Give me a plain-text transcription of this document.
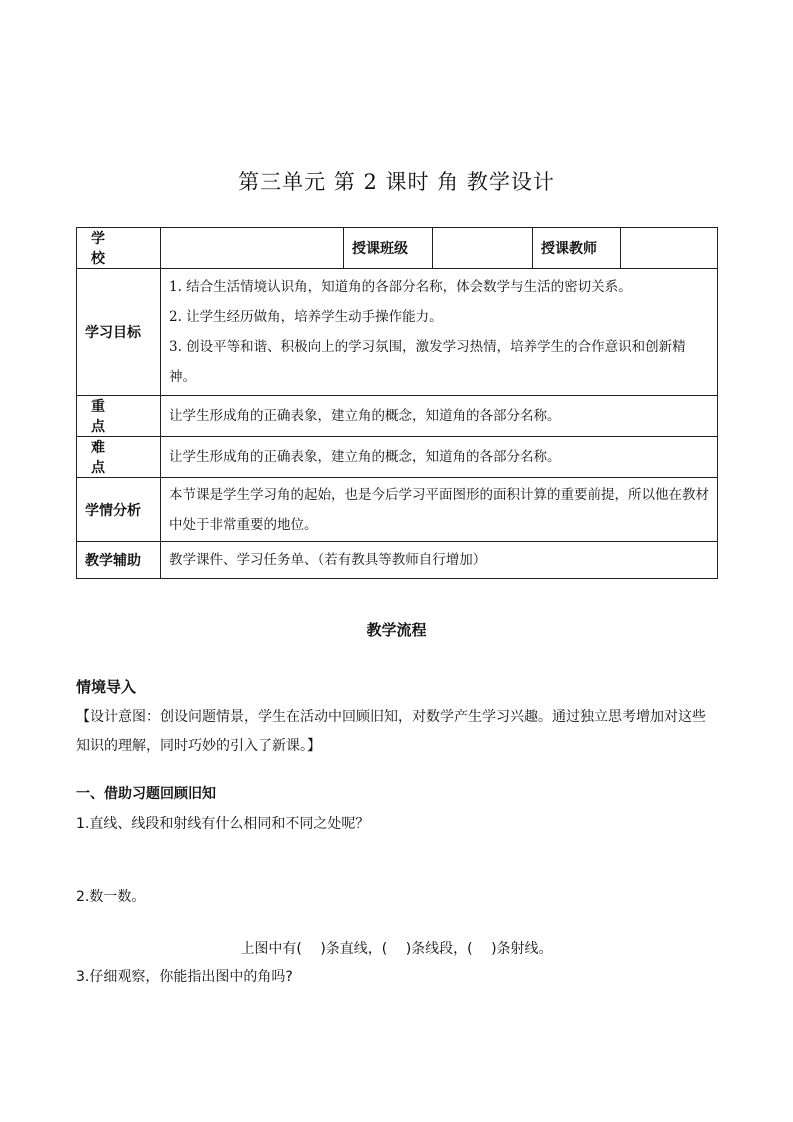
第三单元 第 2 课时 角 教学设计
学　　校		授课班级		授课教师	
学习目标	1. 结合生活情境认识角，知道角的各部分名称，体会数学与生活的密切关系。
2. 让学生经历做角，培养学生动手操作能力。
3. 创设平等和谐、积极向上的学习氛围，激发学习热情，培养学生的合作意识和创新精神。				

重　　点	让学生形成角的正确表象，建立角的概念，知道角的各部分名称。				
难　　点	让学生形成角的正确表象，建立角的概念，知道角的各部分名称。				
学情分析	本节课是学生学习角的起始，也是今后学习平面图形的面积计算的重要前提，所以他在教材中处于非常重要的地位。				
教学辅助	教学课件、学习任务单、（若有教具等教师自行增加）				
教学流程
情境导入
【设计意图：创设问题情景，学生在活动中回顾旧知，对数学产生学习兴趣。通过独立思考增加对这些知识的理解，同时巧妙的引入了新课。】
一、借助习题回顾旧知
1.直线、线段和射线有什么相同和不同之处呢？
2.数一数。
上图中有(　 )条直线，(　 )条线段，(　 )条射线。
3.仔细观察，你能指出图中的角吗?
